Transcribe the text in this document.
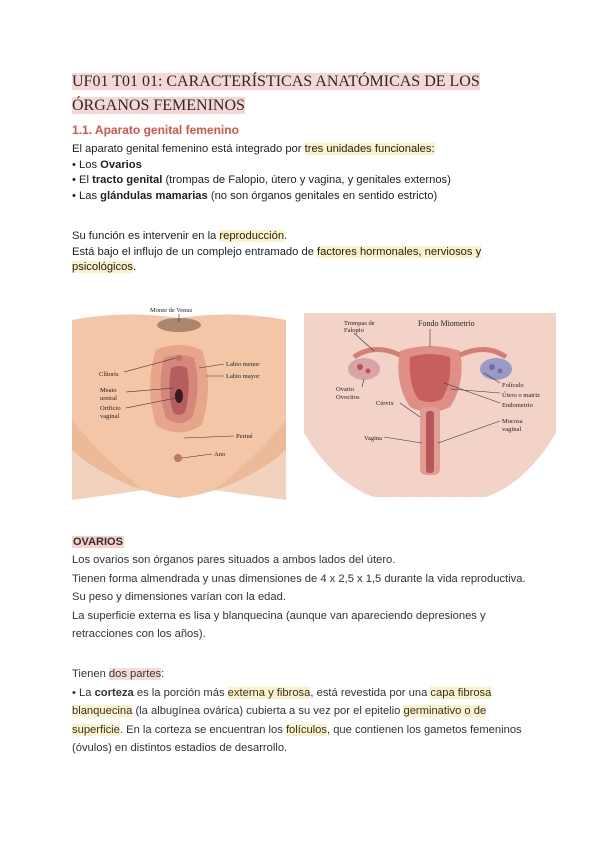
UF01 T01 01: CARACTERÍSTICAS ANATÓMICAS DE LOS
ÓRGANOS FEMENINOS
1.1. Aparato genital femenino
El aparato genital femenino está integrado por tres unidades funcionales:
• Los Ovarios
• El tracto genital (trompas de Falopio, útero y vagina, y genitales externos)
• Las glándulas mamarias (no son órganos genitales en sentido estricto)
Su función es intervenir en la reproducción.
Está bajo el influjo de un complejo entramado de factores hormonales, nerviosos y
psicológicos.
Monte de Venus
Clítoris
Labio menor
Labio mayor
Meato
uretral
Orificio
vaginal
Periné
Ano
Trompas de
Falopio
Fondo Miometrio
Ovario
Ovocitos
Cérvix
Folículo
Útero o matriz
Endometrio
Mucosa
vaginal
Vagina
OVARIOS
Los ovarios son órganos pares situados a ambos lados del útero.
Tienen forma almendrada y unas dimensiones de 4 x 2,5 x 1,5 durante la vida reproductiva.
Su peso y dimensiones varían con la edad.
La superficie externa es lisa y blanquecina (aunque van apareciendo depresiones y
retracciones con los años).
Tienen dos partes:
• La corteza es la porción más externa y fibrosa, está revestida por una capa fibrosa
blanquecina (la albugínea ovárica) cubierta a su vez por el epitelio germinativo o de
superficie. En la corteza se encuentran los folículos, que contienen los gametos femeninos
(óvulos) en distintos estadios de desarrollo.
